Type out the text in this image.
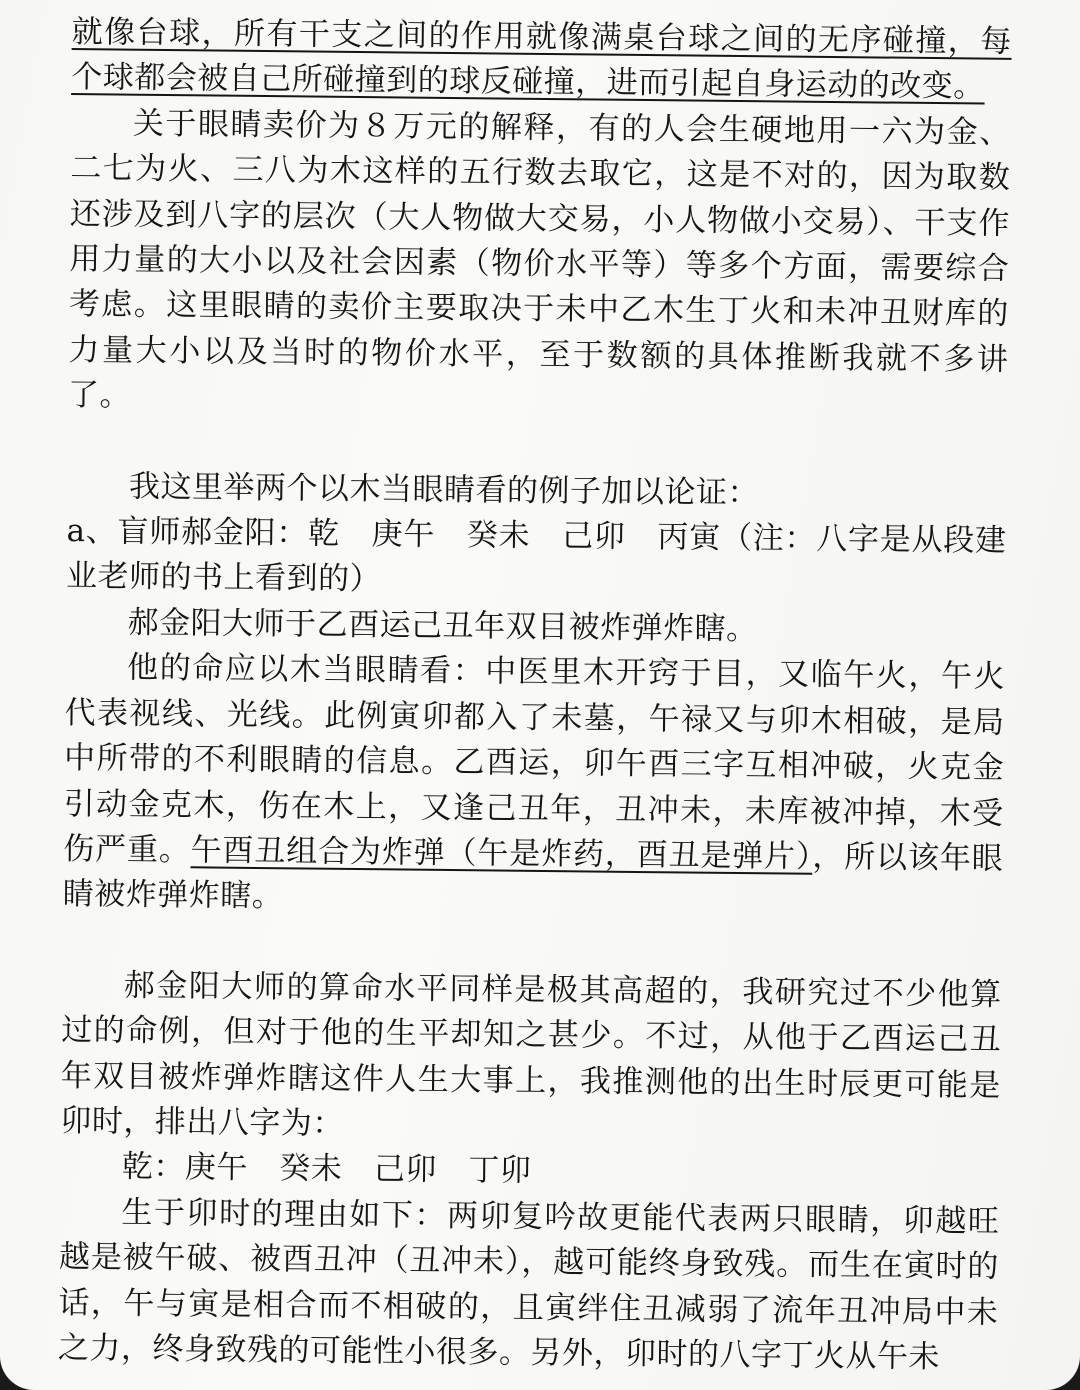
就像台球，所有干支之间的作用就像满桌台球之间的无序碰撞，每个球都会被自己所碰撞到的球反碰撞，进而引起自身运动的改变。

关于眼睛卖价为８万元的解释，有的人会生硬地用一六为金、二七为火、三八为木这样的五行数去取它，这是不对的，因为取数还涉及到八字的层次（大人物做大交易，小人物做小交易）、干支作用力量的大小以及社会因素（物价水平等）等多个方面，需要综合考虑。这里眼睛的卖价主要取决于未中乙木生丁火和未冲丑财库的力量大小以及当时的物价水平，至于数额的具体推断我就不多讲了。

我这里举两个以木当眼睛看的例子加以论证：

a、盲师郝金阳：乾　庚午　癸未　己卯　丙寅（注：八字是从段建业老师的书上看到的）

郝金阳大师于乙酉运己丑年双目被炸弹炸瞎。

他的命应以木当眼睛看：中医里木开窍于目，又临午火，午火代表视线、光线。此例寅卯都入了未墓，午禄又与卯木相破，是局中所带的不利眼睛的信息。乙酉运，卯午酉三字互相冲破，火克金引动金克木，伤在木上，又逢己丑年，丑冲未，未库被冲掉，木受伤严重。午酉丑组合为炸弹（午是炸药，酉丑是弹片），所以该年眼睛被炸弹炸瞎。

郝金阳大师的算命水平同样是极其高超的，我研究过不少他算过的命例，但对于他的生平却知之甚少。不过，从他于乙酉运己丑年双目被炸弹炸瞎这件人生大事上，我推测他的出生时辰更可能是卯时，排出八字为：

乾：庚午　癸未　己卯　丁卯

生于卯时的理由如下：两卯复吟故更能代表两只眼睛，卯越旺越是被午破、被酉丑冲（丑冲未），越可能终身致残。而生在寅时的话，午与寅是相合而不相破的，且寅绊住丑减弱了流年丑冲局中未之力，终身致残的可能性小很多。另外，卯时的八字丁火从午未
